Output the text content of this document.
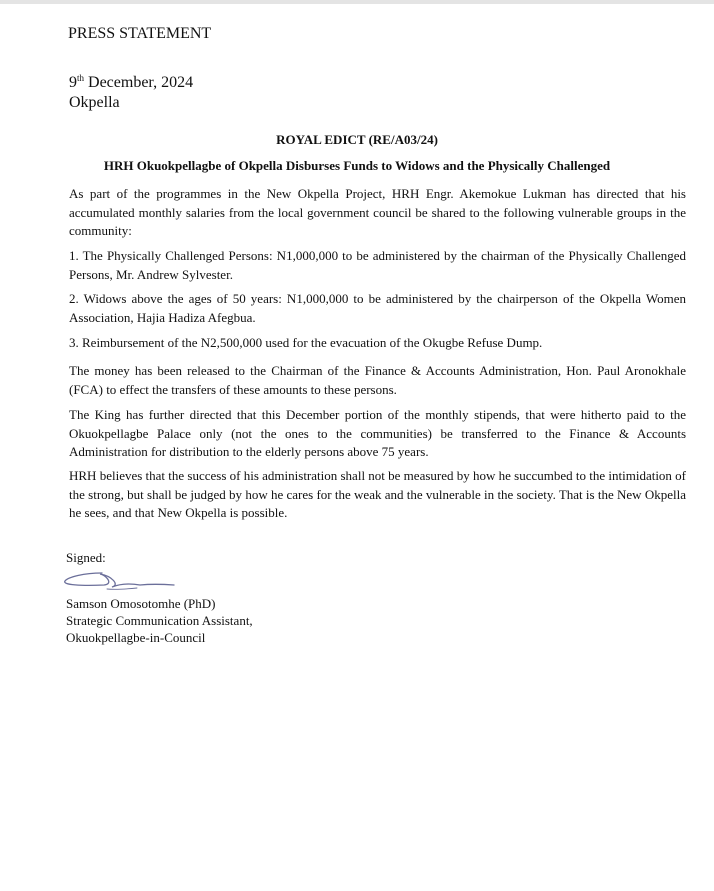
PRESS STATEMENT

9th December, 2024

Okpella

ROYAL EDICT (RE/A03/24)

HRH Okuokpellagbe of Okpella Disburses Funds to Widows and the Physically Challenged

As part of the programmes in the New Okpella Project, HRH Engr. Akemokue Lukman has directed that his accumulated monthly salaries from the local government council be shared to the following vulnerable groups in the community:

1. The Physically Challenged Persons: N1,000,000 to be administered by the chairman of the Physically Challenged Persons, Mr. Andrew Sylvester.

2. Widows above the ages of 50 years: N1,000,000 to be administered by the chairperson of the Okpella Women Association, Hajia Hadiza Afegbua.

3. Reimbursement of the N2,500,000 used for the evacuation of the Okugbe Refuse Dump.

The money has been released to the Chairman of the Finance & Accounts Administration, Hon. Paul Aronokhale (FCA) to effect the transfers of these amounts to these persons.

The King has further directed that this December portion of the monthly stipends, that were hitherto paid to the Okuokpellagbe Palace only (not the ones to the communities) be transferred to the Finance & Accounts Administration for distribution to the elderly persons above 75 years.

HRH believes that the success of his administration shall not be measured by how he succumbed to the intimidation of the strong, but shall be judged by how he cares for the weak and the vulnerable in the society. That is the New Okpella he sees, and that New Okpella is possible.

Signed:

Samson Omosotomhe (PhD)
Strategic Communication Assistant,
Okuokpellagbe-in-Council
